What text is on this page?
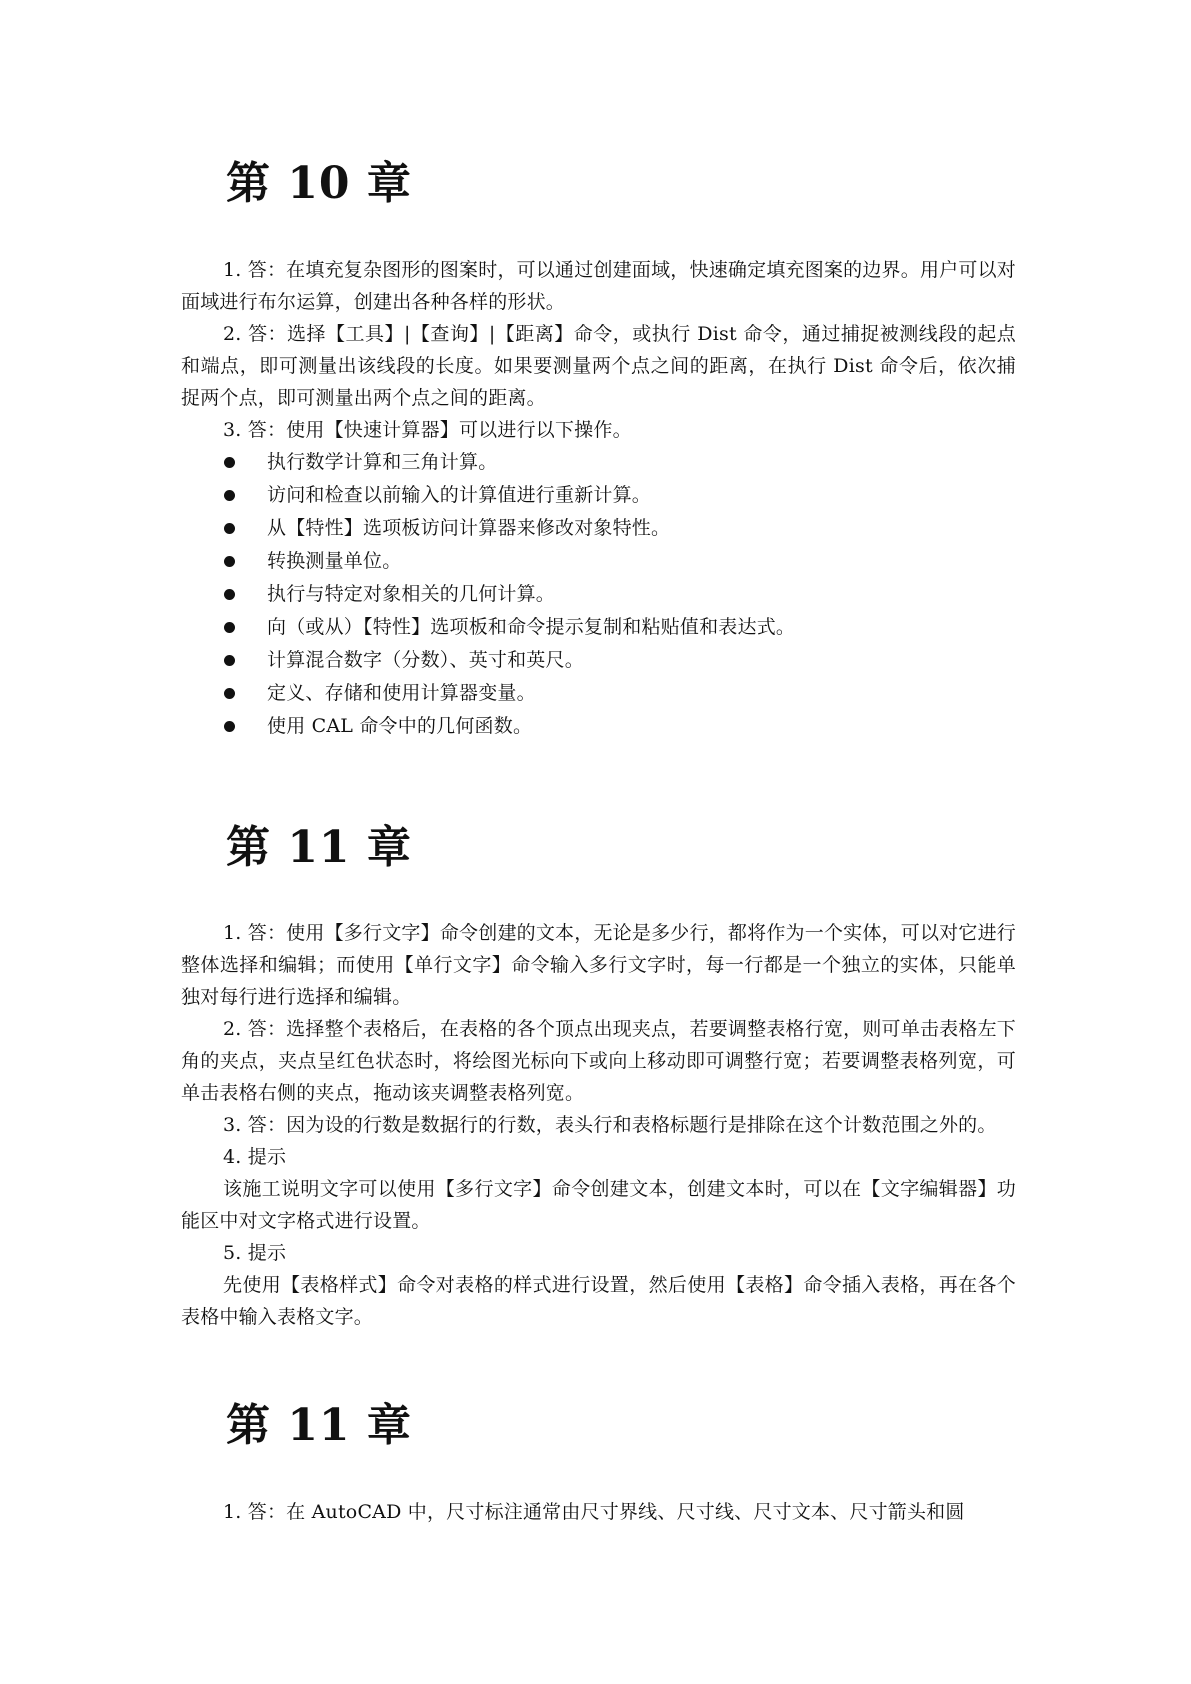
第 10 章

1. 答：在填充复杂图形的图案时，可以通过创建面域，快速确定填充图案的边界。用户可以对面域进行布尔运算，创建出各种各样的形状。

2. 答：选择【工具】|【查询】|【距离】命令，或执行 Dist 命令，通过捕捉被测线段的起点和端点，即可测量出该线段的长度。如果要测量两个点之间的距离，在执行 Dist 命令后，依次捕捉两个点，即可测量出两个点之间的距离。

3. 答：使用【快速计算器】可以进行以下操作。

执行数学计算和三角计算。
访问和检查以前输入的计算值进行重新计算。
从【特性】选项板访问计算器来修改对象特性。
转换测量单位。
执行与特定对象相关的几何计算。
向（或从）【特性】选项板和命令提示复制和粘贴值和表达式。
计算混合数字（分数）、英寸和英尺。
定义、存储和使用计算器变量。
使用 CAL 命令中的几何函数。
第 11 章

1. 答：使用【多行文字】命令创建的文本，无论是多少行，都将作为一个实体，可以对它进行整体选择和编辑；而使用【单行文字】命令输入多行文字时，每一行都是一个独立的实体，只能单独对每行进行选择和编辑。

2. 答：选择整个表格后，在表格的各个顶点出现夹点，若要调整表格行宽，则可单击表格左下角的夹点，夹点呈红色状态时，将绘图光标向下或向上移动即可调整行宽；若要调整表格列宽，可单击表格右侧的夹点，拖动该夹调整表格列宽。

3. 答：因为设的行数是数据行的行数，表头行和表格标题行是排除在这个计数范围之外的。

4. 提示

该施工说明文字可以使用【多行文字】命令创建文本，创建文本时，可以在【文字编辑器】功能区中对文字格式进行设置。

5. 提示

先使用【表格样式】命令对表格的样式进行设置，然后使用【表格】命令插入表格，再在各个表格中输入表格文字。

第 11 章

1. 答：在 AutoCAD 中，尺寸标注通常由尺寸界线、尺寸线、尺寸文本、尺寸箭头和圆
